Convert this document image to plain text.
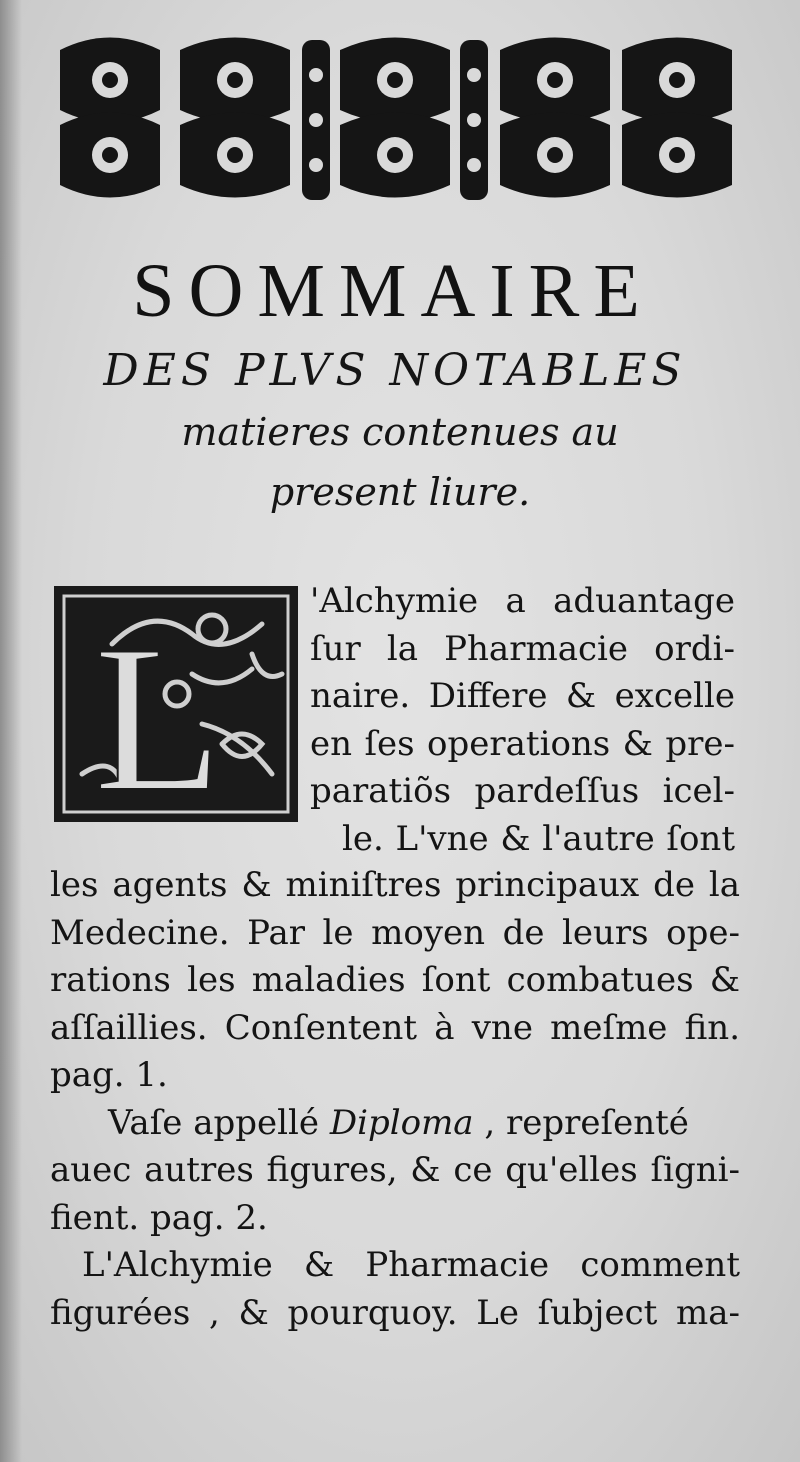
SOMMAIRE
DES PLVS NOTABLES
matieres contenues au
present liure.
L
'Alchymie a aduantage
ſur la Pharmacie ordi-
naire. Differe & excelle
en ſes operations & pre-
paratiõs pardeſſus icel-
le. L'vne & l'autre ſont
les agents & miniſtres principaux de la
Medecine. Par le moyen de leurs ope-
rations les maladies ſont combatues &
aſſaillies. Conſentent à vne meſme fin.
pag. 1.
Vaſe appellé Diploma , repreſenté
auec autres figures, & ce qu'elles ſigni-
fient. pag. 2.
L'Alchymie & Pharmacie comment
figurées , & pourquoy. Le ſubject ma-
